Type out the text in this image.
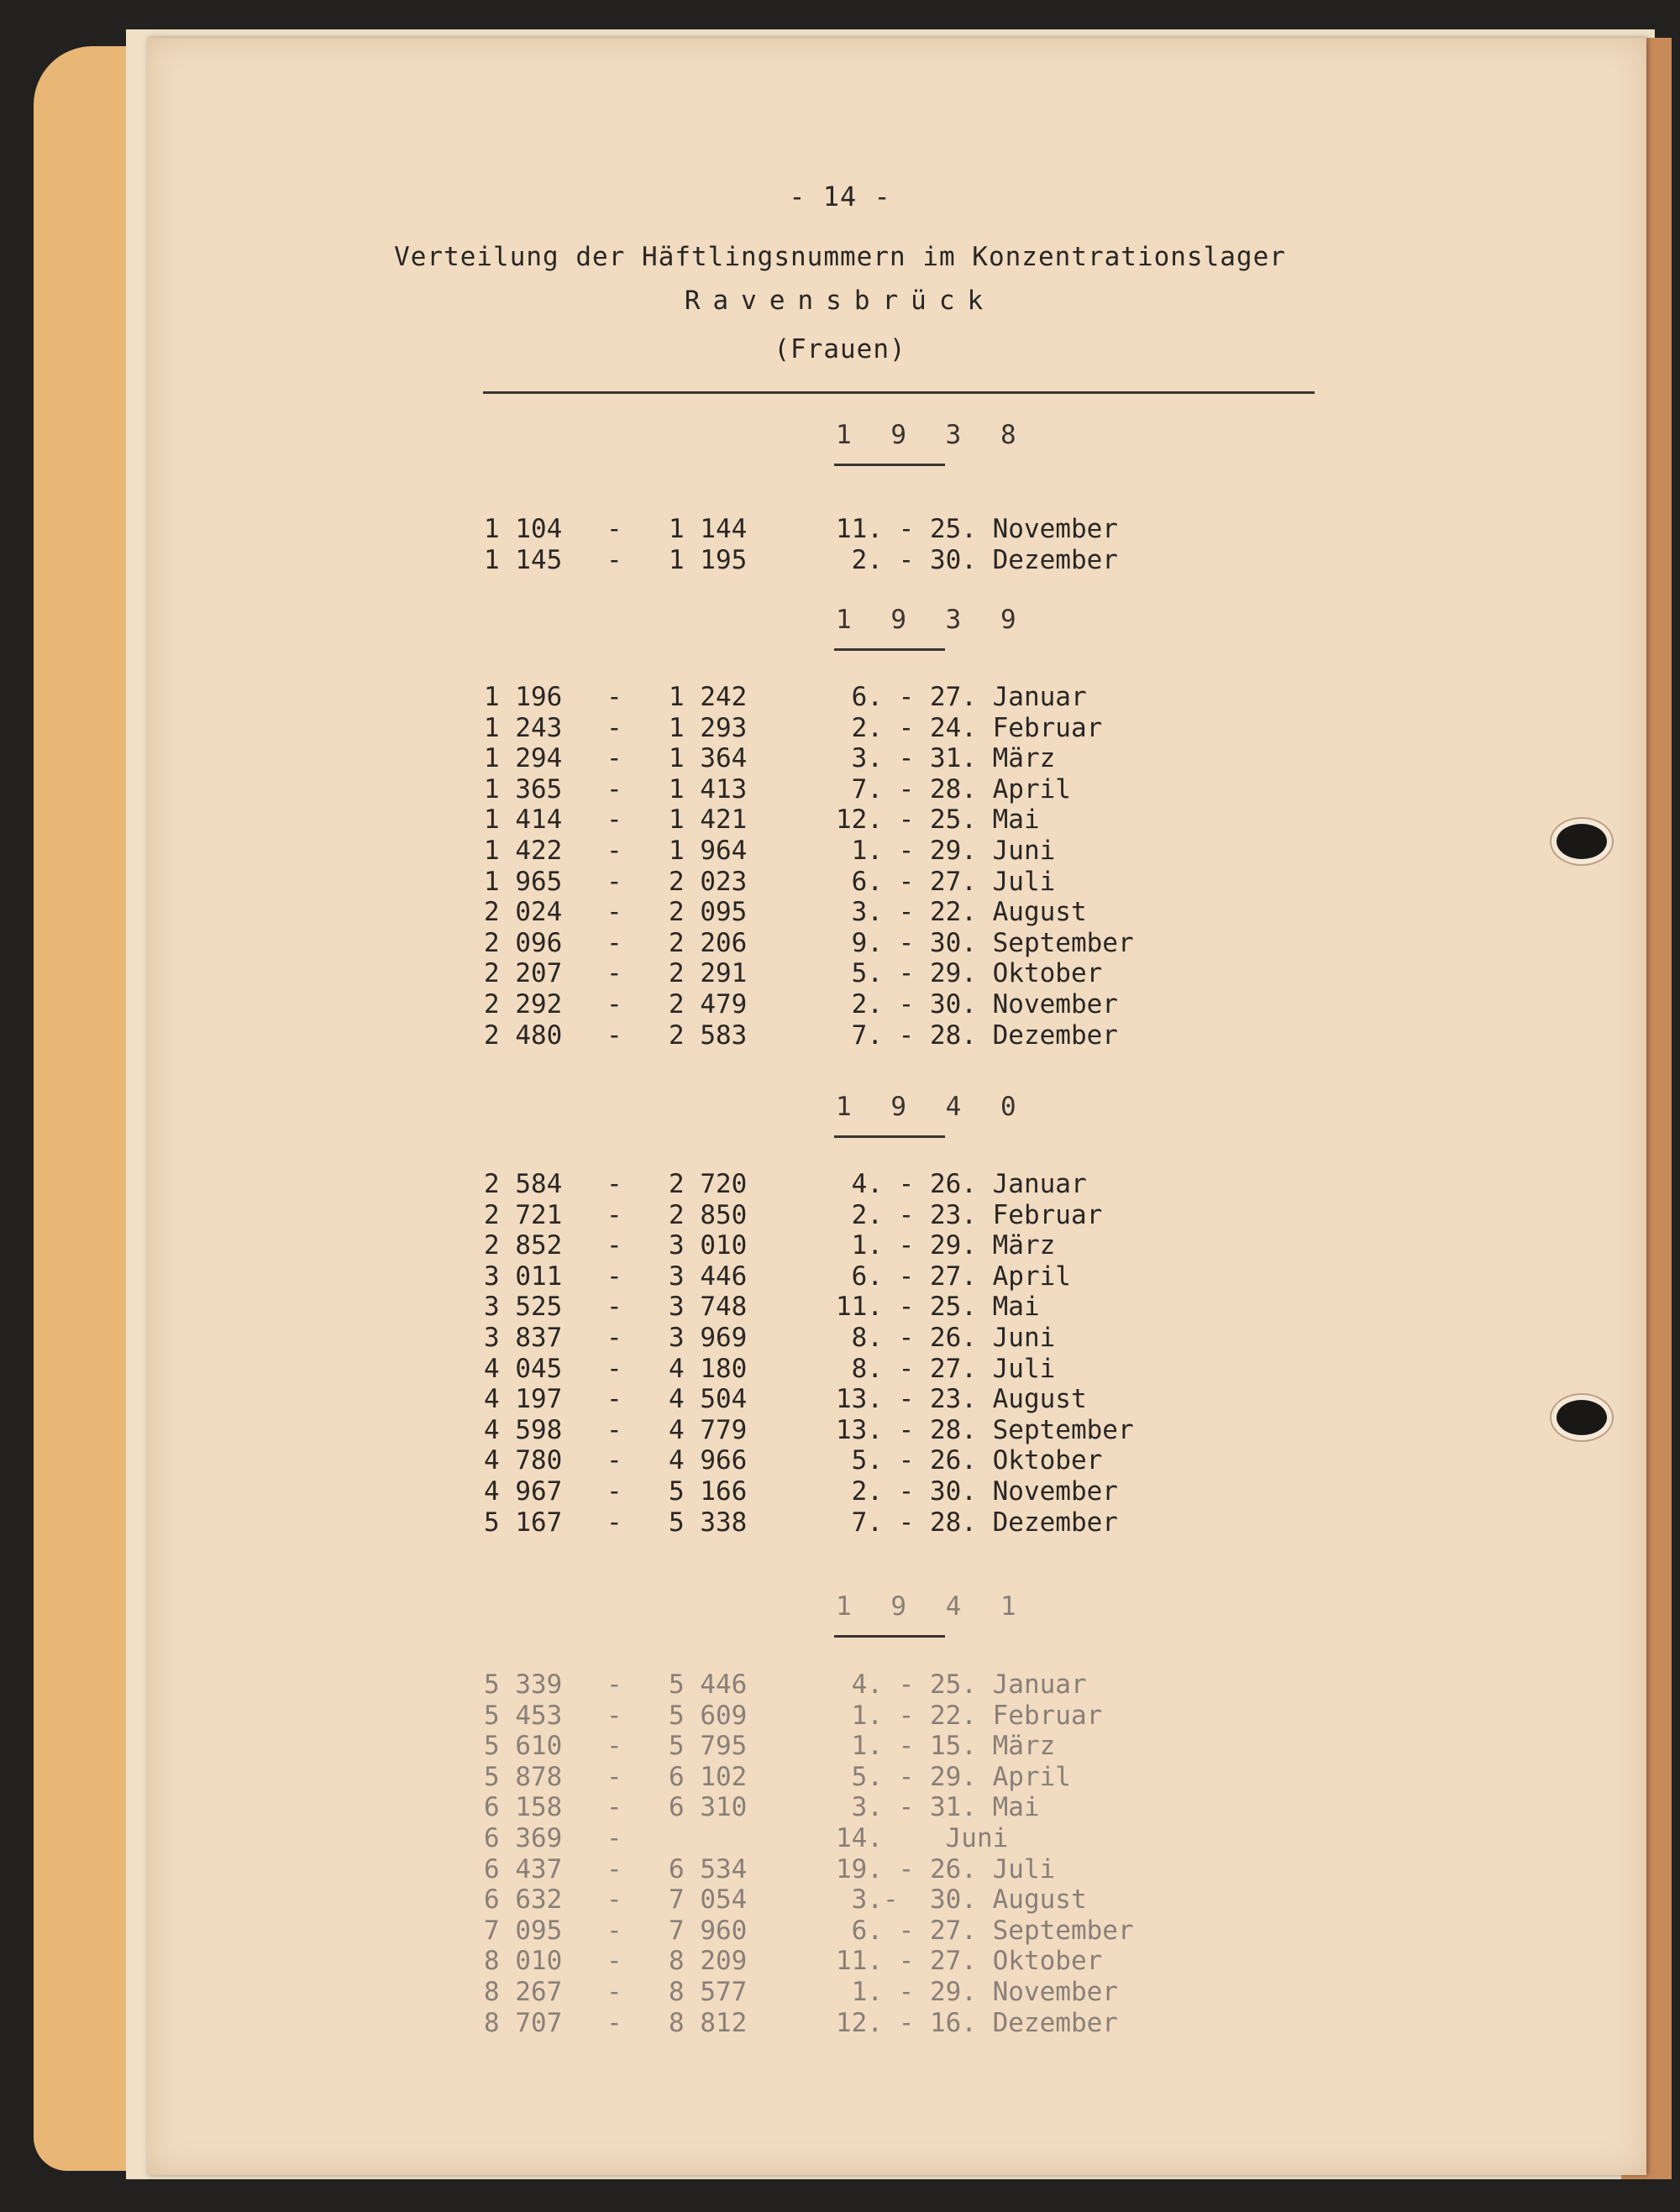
- 14 -
Verteilung der Häftlingsnummern im Konzentrationslager
Ravensbrück
(Frauen)
1 9 3 8
1 104 - 1 144	11. - 25. November
1 145 - 1 195	2. - 30. Dezember
1 9 3 9
1 196 - 1 242	6. - 27. Januar
1 243 - 1 293	2. - 24. Februar
1 294 - 1 364	3. - 31. März
1 365 - 1 413	7. - 28. April
1 414 - 1 421	12. - 25. Mai
1 422 - 1 964	1. - 29. Juni
1 965 - 2 023	6. - 27. Juli
2 024 - 2 095	3. - 22. August
2 096 - 2 206	9. - 30. September
2 207 - 2 291	5. - 29. Oktober
2 292 - 2 479	2. - 30. November
2 480 - 2 583	7. - 28. Dezember
1 9 4 0
2 584 - 2 720	4. - 26. Januar
2 721 - 2 850	2. - 23. Februar
2 852 - 3 010	1. - 29. März
3 011 - 3 446	6. - 27. April
3 525 - 3 748	11. - 25. Mai
3 837 - 3 969	8. - 26. Juni
4 045 - 4 180	8. - 27. Juli
4 197 - 4 504	13. - 23. August
4 598 - 4 779	13. - 28. September
4 780 - 4 966	5. - 26. Oktober
4 967 - 5 166	2. - 30. November
5 167 - 5 338	7. - 28. Dezember
1 9 4 1
5 339 - 5 446	4. - 25. Januar
5 453 - 5 609	1. - 22. Februar
5 610 - 5 795	1. - 15. März
5 878 - 6 102	5. - 29. April
6 158 - 6 310	3. - 31. Mai
6 369 -	14.    Juni
6 437 - 6 534	19. - 26. Juli
6 632 - 7 054	3.-  30. August
7 095 - 7 960	6. - 27. September
8 010 - 8 209	11. - 27. Oktober
8 267 - 8 577	1. - 29. November
8 707 - 8 812	12. - 16. Dezember
